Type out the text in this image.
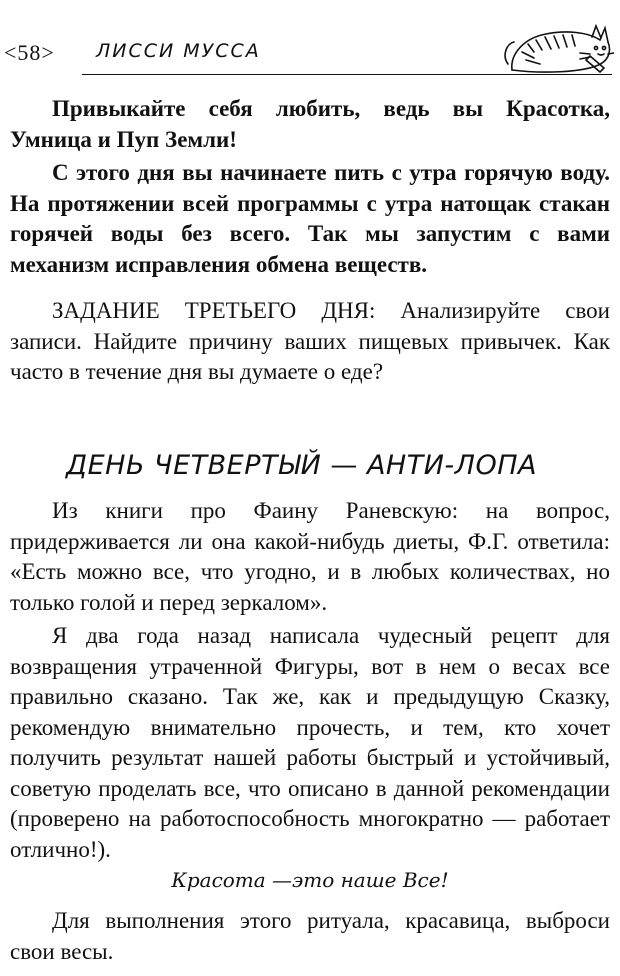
<58> ЛИССИ МУССА

Привыкайте себя любить, ведь вы Красотка, Умница и Пуп Земли!

С этого дня вы начинаете пить с утра горячую воду. На протяжении всей программы с утра натощак стакан горячей воды без всего. Так мы запустим с вами механизм исправления обмена веществ.

ЗАДАНИЕ ТРЕТЬЕГО ДНЯ: Анализируйте свои записи. Найдите причину ваших пищевых привычек. Как часто в течение дня вы думаете о еде?

ДЕНЬ ЧЕТВЕРТЫЙ — АНТИ-ЛОПА

Из книги про Фаину Раневскую: на вопрос, придерживается ли она какой-нибудь диеты, Ф.Г. ответила: «Есть можно все, что угодно, и в любых количествах, но только голой и перед зеркалом».

Я два года назад написала чудесный рецепт для возвращения утраченной Фигуры, вот в нем о весах все правильно сказано. Так же, как и предыдущую Сказку, рекомендую внимательно прочесть, и тем, кто хочет получить результат нашей работы быстрый и устойчивый, советую проделать все, что описано в данной рекомендации (проверено на работоспособность многократно — работает отлично!).

Красота —это наше Все!

Для выполнения этого ритуала, красавица, выброси свои весы.
